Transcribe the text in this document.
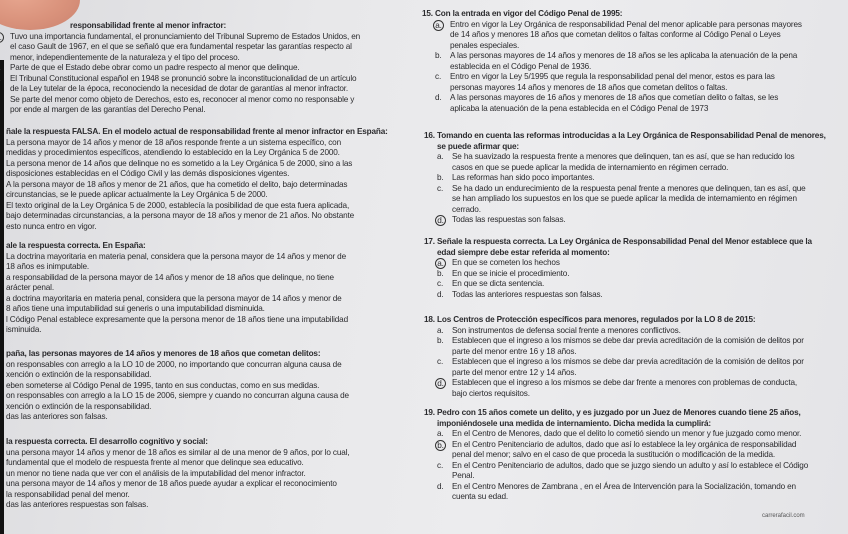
responsabilidad frente al menor infractor:
Tuvo una importancia fundamental, el pronunciamiento del Tribunal Supremo de Estados Unidos, en
el caso Gault de 1967, en el que se señaló que era fundamental respetar las garantías respecto al
menor, independientemente de la naturaleza y el tipo del proceso.
Parte de que el Estado debe obrar como un padre respecto al menor que delinque.
El Tribunal Constitucional español en 1948 se pronunció sobre la inconstitucionalidad de un artículo
de la Ley tutelar de la época, reconociendo la necesidad de dotar de garantías al menor infractor.
Se parte del menor como objeto de Derechos, esto es, reconocer al menor como no responsable y
por ende al margen de las garantías del Derecho Penal.
ñale la respuesta FALSA. En el modelo actual de responsabilidad frente al menor infractor en España:
La persona mayor de 14 años y menor de 18 años responde frente a un sistema específico, con
medidas y procedimientos específicos, atendiendo lo establecido en la Ley Orgánica 5 de 2000.
La persona menor de 14 años que delinque no es sometido a la Ley Orgánica 5 de 2000, sino a las
disposiciones establecidas en el Código Civil y las demás disposiciones vigentes.
A la persona mayor de 18 años y menor de 21 años, que ha cometido el delito, bajo determinadas
circunstancias, se le puede aplicar actualmente la Ley Orgánica 5 de 2000.
El texto original de la Ley Orgánica 5 de 2000, establecía la posibilidad de que esta fuera aplicada,
bajo determinadas circunstancias, a la persona mayor de 18 años y menor de 21 años. No obstante
esto nunca entro en vigor.
ale la respuesta correcta. En España:
La doctrina mayoritaria en materia penal, considera que la persona mayor de 14 años y menor de
18 años es inimputable.
a responsabilidad de la persona mayor de 14 años y menor de 18 años que delinque, no tiene
arácter penal.
a doctrina mayoritaria en materia penal, considera que la persona mayor de 14 años y menor de
8 años tiene una imputabilidad sui generis o una imputabilidad disminuida.
l Código Penal establece expresamente que la persona menor de 18 años tiene una imputabilidad
isminuida.
paña, las personas mayores de 14 años y menores de 18 años que cometan delitos:
on responsables con arreglo a la LO 10 de 2000, no importando que concurran alguna causa de
xención o extinción de la responsabilidad.
eben someterse al Código Penal de 1995, tanto en sus conductas, como en sus medidas.
on responsables con arreglo a la LO 15 de 2006, siempre y cuando no concurran alguna causa de
xención o extinción de la responsabilidad.
das las anteriores son falsas.
la respuesta correcta. El desarrollo cognitivo y social:
una persona mayor 14 años y menor de 18 años es similar al de una menor de 9 años, por lo cual,
fundamental que el modelo de respuesta frente al menor que delinque sea educativo.
un menor no tiene nada que ver con el análisis de la imputabilidad del menor infractor.
una persona mayor de 14 años y menor de 18 años puede ayudar a explicar el reconocimiento
la responsabilidad penal del menor.
das las anteriores respuestas son falsas.
15. Con la entrada en vigor del Código Penal de 1995:
a. Entro en vigor la Ley Orgánica de responsabilidad Penal del menor aplicable para personas mayores
de 14 años y menores 18 años que cometan delitos o faltas conforme al Código Penal o Leyes
penales especiales.
b. A las personas mayores de 14 años y menores de 18 años se les aplicaba la atenuación de la pena
establecida en el Código Penal de 1936.
c. Entro en vigor la Ley 5/1995 que regula la responsabilidad penal del menor, estos es para las
personas mayores 14 años y menores de 18 años que cometan delitos o faltas.
d. A las personas mayores de 16 años y menores de 18 años que cometían delito o faltas, se les
aplicaba la atenuación de la pena establecida en el Código Penal de 1973
16. Tomando en cuenta las reformas introducidas a la Ley Orgánica de Responsabilidad Penal de menores,
se puede afirmar que:
a. Se ha suavizado la respuesta frente a menores que delinquen, tan es así, que se han reducido los
casos en que se puede aplicar la medida de internamiento en régimen cerrado.
b. Las reformas han sido poco importantes.
c. Se ha dado un endurecimiento de la respuesta penal frente a menores que delinquen, tan es así, que
se han ampliado los supuestos en los que se puede aplicar la medida de internamiento en régimen
cerrado.
d. Todas las respuestas son falsas.
17. Señale la respuesta correcta. La Ley Orgánica de Responsabilidad Penal del Menor establece que la
edad siempre debe estar referida al momento:
a. En que se cometen los hechos
b. En que se inicie el procedimiento.
c. En que se dicta sentencia.
d. Todas las anteriores respuestas son falsas.
18. Los Centros de Protección específicos para menores, regulados por la LO 8 de 2015:
a. Son instrumentos de defensa social frente a menores conflictivos.
b. Establecen que el ingreso a los mismos se debe dar previa acreditación de la comisión de delitos por
parte del menor entre 16 y 18 años.
c. Establecen que el ingreso a los mismos se debe dar previa acreditación de la comisión de delitos por
parte del menor entre 12 y 14 años.
d. Establecen que el ingreso a los mismos se debe dar frente a menores con problemas de conducta,
bajo ciertos requisitos.
19. Pedro con 15 años comete un delito, y es juzgado por un Juez de Menores cuando tiene 25 años,
imponiéndosele una medida de internamiento. Dicha medida la cumplirá:
a. En el Centro de Menores, dado que el delito lo cometió siendo un menor y fue juzgado como menor.
b. En el Centro Penitenciario de adultos, dado que así lo establece la ley orgánica de responsabilidad
penal del menor; salvo en el caso de que proceda la sustitución o modificación de la medida.
c. En el Centro Penitenciario de adultos, dado que se juzgo siendo un adulto y así lo establece el Código
Penal.
d. En el Centro Menores de Zambrana , en el Área de Intervención para la Socialización, tomando en
cuenta su edad.
carrerafacil.com
